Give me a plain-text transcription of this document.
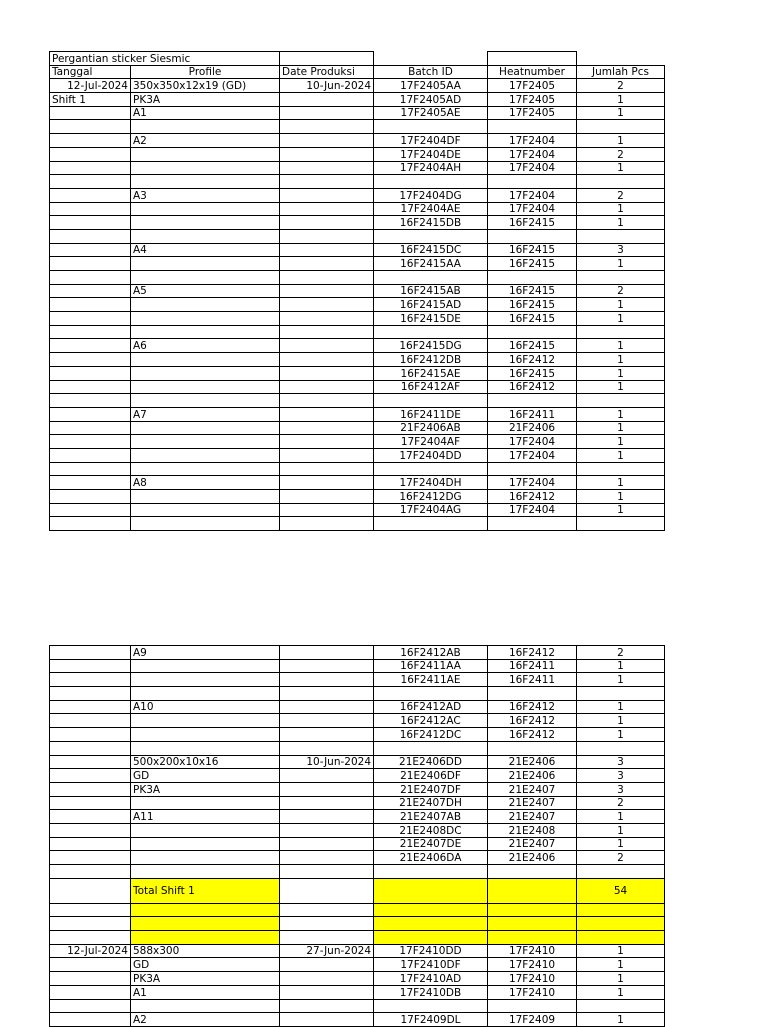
Pergantian sticker Siesmic					
Tanggal	Profile	Date Produksi	Batch ID	Heatnumber	Jumlah Pcs
12-Jul-2024	350x350x12x19 (GD)	10-Jun-2024	17F2405AA	17F2405	2
Shift 1	PK3A		17F2405AD	17F2405	1
	A1		17F2405AE	17F2405	1

	A2		17F2404DF	17F2404	1
			17F2404DE	17F2404	2
			17F2404AH	17F2404	1

	A3		17F2404DG	17F2404	2
			17F2404AE	17F2404	1
			16F2415DB	16F2415	1

	A4		16F2415DC	16F2415	3
			16F2415AA	16F2415	1

	A5		16F2415AB	16F2415	2
			16F2415AD	16F2415	1
			16F2415DE	16F2415	1

	A6		16F2415DG	16F2415	1
			16F2412DB	16F2412	1
			16F2415AE	16F2415	1
			16F2412AF	16F2412	1

	A7		16F2411DE	16F2411	1
			21F2406AB	21F2406	1
			17F2404AF	17F2404	1
			17F2404DD	17F2404	1

	A8		17F2404DH	17F2404	1
			16F2412DG	16F2412	1
			17F2404AG	17F2404	1

	A9		16F2412AB	16F2412	2
			16F2411AA	16F2411	1
			16F2411AE	16F2411	1

	A10		16F2412AD	16F2412	1
			16F2412AC	16F2412	1
			16F2412DC	16F2412	1

	500x200x10x16	10-Jun-2024	21E2406DD	21E2406	3
	GD		21E2406DF	21E2406	3
	PK3A		21E2407DF	21E2407	3
			21E2407DH	21E2407	2
	A11		21E2407AB	21E2407	1
			21E2408DC	21E2408	1
			21E2407DE	21E2407	1
			21E2406DA	21E2406	2

	Total Shift 1				54

12-Jul-2024	588x300	27-Jun-2024	17F2410DD	17F2410	1
	GD		17F2410DF	17F2410	1
	PK3A		17F2410AD	17F2410	1
	A1		17F2410DB	17F2410	1

	A2		17F2409DL	17F2409	1
